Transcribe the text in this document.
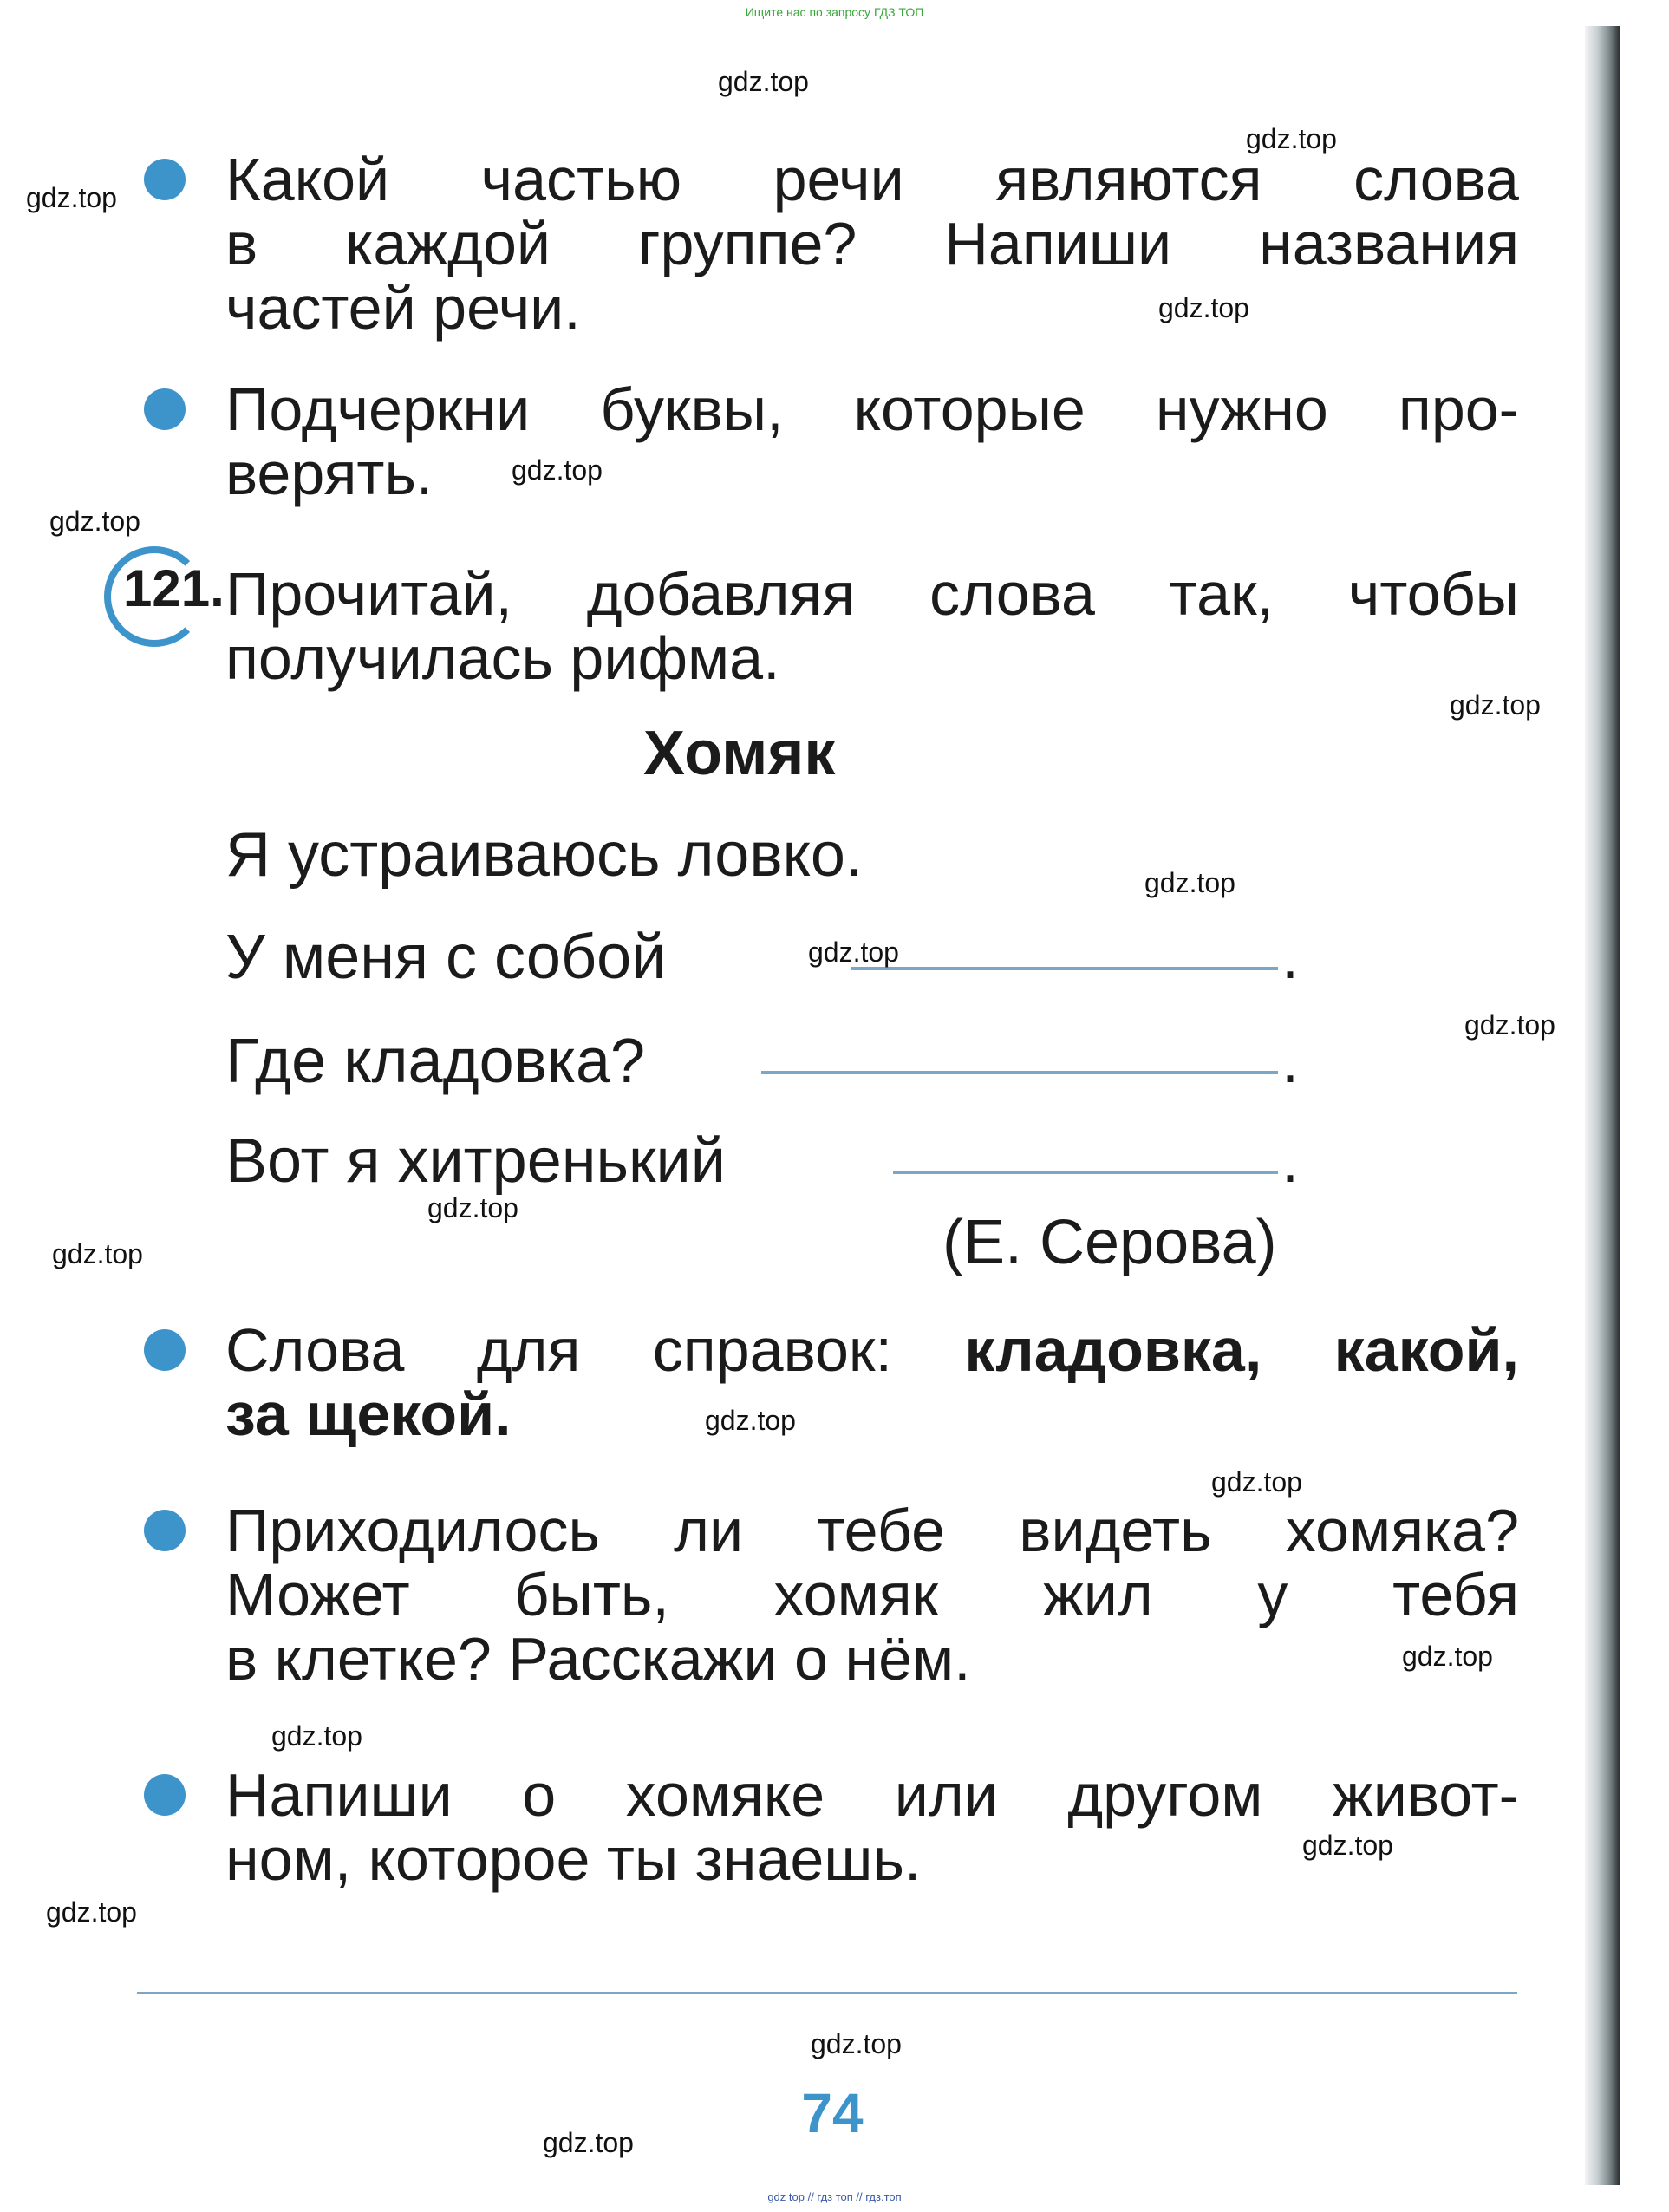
Ищите нас по запросу ГДЗ ТОП
gdz top // гдз топ // гдз.топ
Какой частью речи являются слова
в каждой группе? Напиши названия

частей речи.
Подчеркни буквы, которые нужно про-

верять.
121. Прочитай, добавляя слова так, чтобы

получилась рифма.
Хомяк
Я устраиваюсь ловко.
У меня с собой	.
Где кладовка?	.
Вот я хитренький	.
(Е. Серова)
Слова для справок: кладовка, какой,

за щекой.
Приходилось ли тебе видеть хомяка?
Может быть, хомяк жил у тебя

в клетке? Расскажи о нём.
Напиши о хомяке или другом живот-

ном, которое ты знаешь.
74
gdz.top
gdz.top
gdz.top
gdz.top
gdz.top
gdz.top
gdz.top
gdz.top
gdz.top
gdz.top
gdz.top
gdz.top
gdz.top
gdz.top
gdz.top
gdz.top
gdz.top
gdz.top
gdz.top
gdz.top
